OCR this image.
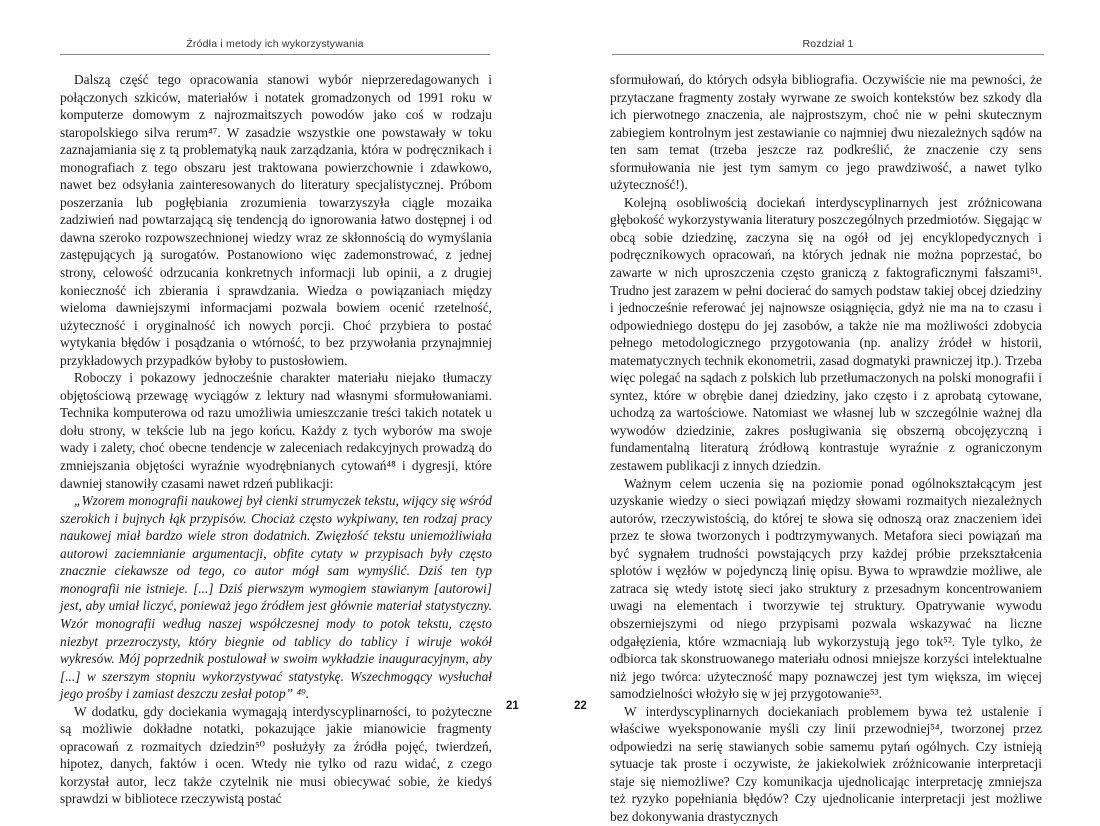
Źródła i metody ich wykorzystywania

Dalszą część tego opracowania stanowi wybór nieprzeredagowanych i połączonych szkiców, materiałów i notatek gromadzonych od 1991 roku w komputerze domowym z najrozmaitszych powodów jako coś w rodzaju staropolskiego silva rerum⁴⁷. W zasadzie wszystkie one powstawały w toku zaznajamiania się z tą problematyką nauk zarządzania, która w podręcznikach i monografiach z tego obszaru jest traktowana powierzchownie i zdawkowo, nawet bez odsyłania zainteresowanych do literatury specjalistycznej. Próbom poszerzania lub pogłębiania zrozumienia towarzyszyła ciągle mozaika zadziwień nad powtarzającą się tendencją do ignorowania łatwo dostępnej i od dawna szeroko rozpowszechnionej wiedzy wraz ze skłonnością do wymyślania zastępujących ją surogatów. Postanowiono więc zademonstrować, z jednej strony, celowość odrzucania konkretnych informacji lub opinii, a z drugiej konieczność ich zbierania i sprawdzania. Wiedza o powiązaniach między wieloma dawniejszymi informacjami pozwala bowiem ocenić rzetelność, użyteczność i oryginalność ich nowych porcji. Choć przybiera to postać wytykania błędów i posądzania o wtórność, to bez przywołania przynajmniej przykładowych przypadków byłoby to pustosłowiem.

Roboczy i pokazowy jednocześnie charakter materiału niejako tłumaczy objętościową przewagę wyciągów z lektury nad własnymi sformułowaniami. Technika komputerowa od razu umożliwia umieszczanie treści takich notatek u dołu strony, w tekście lub na jego końcu. Każdy z tych wyborów ma swoje wady i zalety, choć obecne tendencje w zaleceniach redakcyjnych prowadzą do zmniejszania objętości wyraźnie wyodrębnianych cytowań⁴⁸ i dygresji, które dawniej stanowiły czasami nawet rdzeń publikacji:

„Wzorem monografii naukowej był cienki strumyczek tekstu, wijący się wśród szerokich i bujnych łąk przypisów. Chociaż często wykpiwany, ten rodzaj pracy naukowej miał bardzo wiele stron dodatnich. Zwięzłość tekstu uniemożliwiała autorowi zaciemnianie argumentacji, obfite cytaty w przypisach były często znacznie ciekawsze od tego, co autor mógł sam wymyślić. Dziś ten typ monografii nie istnieje. [...] Dziś pierwszym wymogiem stawianym [autorowi] jest, aby umiał liczyć, ponieważ jego źródłem jest głównie materiał statystyczny. Wzór monografii według naszej współczesnej mody to potok tekstu, często niezbyt przezroczysty, który biegnie od tablicy do tablicy i wiruje wokół wykresów. Mój poprzednik postulował w swoim wykładzie inauguracyjnym, aby [...] w szerszym stopniu wykorzystywać statystykę. Wszechmogący wysłuchał jego prośby i zamiast deszczu zesłał potop” ⁴⁹.

W dodatku, gdy dociekania wymagają interdyscyplinarności, to pożyteczne są możliwie dokładne notatki, pokazujące jakie mianowicie fragmenty opracowań z rozmaitych dziedzin⁵⁰ posłużyły za źródła pojęć, twierdzeń, hipotez, danych, faktów i ocen. Wtedy nie tylko od razu widać, z czego korzystał autor, lecz także czytelnik nie musi obiecywać sobie, że kiedyś sprawdzi w bibliotece rzeczywistą postać

21
Rozdział 1

sformułowań, do których odsyła bibliografia. Oczywiście nie ma pewności, że przytaczane fragmenty zostały wyrwane ze swoich kontekstów bez szkody dla ich pierwotnego znaczenia, ale najprostszym, choć nie w pełni skutecznym zabiegiem kontrolnym jest zestawianie co najmniej dwu niezależnych sądów na ten sam temat (trzeba jeszcze raz podkreślić, że znaczenie czy sens sformułowania nie jest tym samym co jego prawdziwość, a nawet tylko użyteczność!).

Kolejną osobliwością dociekań interdyscyplinarnych jest zróżnicowana głębokość wykorzystywania literatury poszczególnych przedmiotów. Sięgając w obcą sobie dziedzinę, zaczyna się na ogół od jej encyklopedycznych i podręcznikowych opracowań, na których jednak nie można poprzestać, bo zawarte w nich uproszczenia często graniczą z faktograficznymi fałszami⁵¹. Trudno jest zarazem w pełni docierać do samych podstaw takiej obcej dziedziny i jednocześnie referować jej najnowsze osiągnięcia, gdyż nie ma na to czasu i odpowiedniego dostępu do jej zasobów, a także nie ma możliwości zdobycia pełnego metodologicznego przygotowania (np. analizy źródeł w historii, matematycznych technik ekonometrii, zasad dogmatyki prawniczej itp.). Trzeba więc polegać na sądach z polskich lub przetłumaczonych na polski monografii i syntez, które w obrębie danej dziedziny, jako często i z aprobatą cytowane, uchodzą za wartościowe. Natomiast we własnej lub w szczególnie ważnej dla wywodów dziedzinie, zakres posługiwania się obszerną obcojęzyczną i fundamentalną literaturą źródłową kontrastuje wyraźnie z ograniczonym zestawem publikacji z innych dziedzin.

Ważnym celem uczenia się na poziomie ponad ogólnokształcącym jest uzyskanie wiedzy o sieci powiązań między słowami rozmaitych niezależnych autorów, rzeczywistością, do której te słowa się odnoszą oraz znaczeniem idei przez te słowa tworzonych i podtrzymywanych. Metafora sieci powiązań ma być sygnałem trudności powstających przy każdej próbie przekształcenia splotów i węzłów w pojedynczą linię opisu. Bywa to wprawdzie możliwe, ale zatraca się wtedy istotę sieci jako struktury z przesadnym koncentrowaniem uwagi na elementach i tworzywie tej struktury. Opatrywanie wywodu obszerniejszymi od niego przypisami pozwala wskazywać na liczne odgałęzienia, które wzmacniają lub wykorzystują jego tok⁵². Tyle tylko, że odbiorca tak skonstruowanego materiału odnosi mniejsze korzyści intelektualne niż jego twórca: użyteczność mapy poznawczej jest tym większa, im więcej samodzielności włożyło się w jej przygotowanie⁵³.

W interdyscyplinarnych dociekaniach problemem bywa też ustalenie i właściwe wyeksponowanie myśli czy linii przewodniej⁵⁴, tworzonej przez odpowiedzi na serię stawianych sobie samemu pytań ogólnych. Czy istnieją sytuacje tak proste i oczywiste, że jakiekolwiek zróżnicowanie interpretacji staje się niemożliwe? Czy komunikacja ujednolicając interpretację zmniejsza też ryzyko popełniania błędów? Czy ujednolicanie interpretacji jest możliwe bez dokonywania drastycznych

22
